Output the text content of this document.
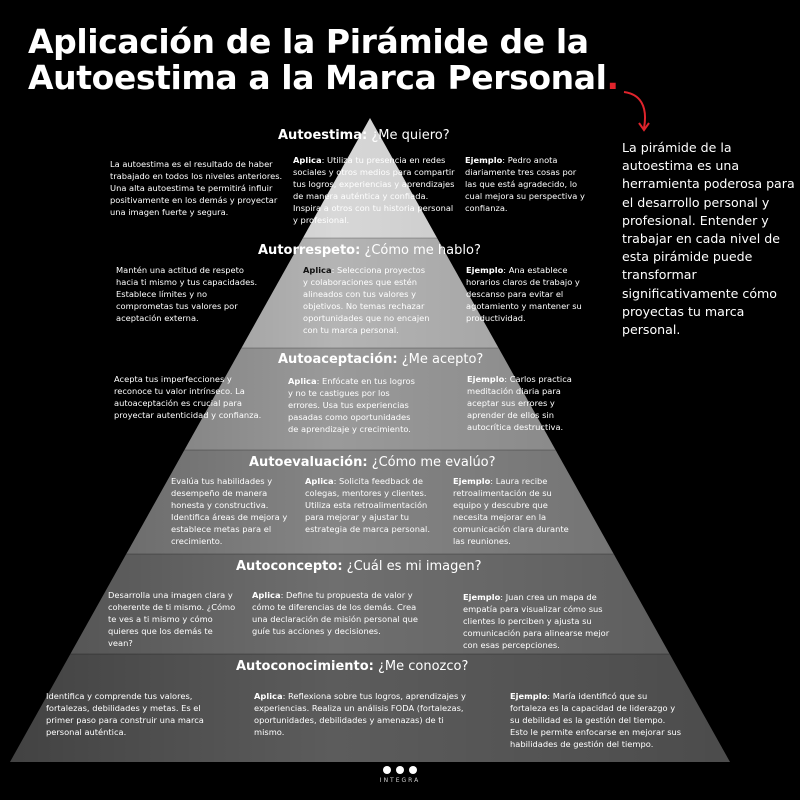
Aplicación de la Pirámide de la
Autoestima a la Marca Personal.

La pirámide de la autoestima es una herramienta poderosa para el desarrollo personal y profesional. Entender y trabajar en cada nivel de esta pirámide puede transformar significativamente cómo proyectas tu marca personal.

Autoestima: ¿Me quiero?

La autoestima es el resultado de haber trabajado en todos los niveles anteriores.
Una alta autoestima te permitirá influir positivamente en los demás y proyectar una imagen fuerte y segura.

Aplica: Utiliza tu presencia en redes sociales y otros medios para compartir tus logros, experiencias y aprendizajes de manera auténtica y confiada. Inspira a otros con tu historia personal y profesional.

Ejemplo: Pedro anota diariamente tres cosas por las que está agradecido, lo cual mejora su perspectiva y confianza.

Autorrespeto: ¿Cómo me hablo?

Mantén una actitud de respeto hacia ti mismo y tus capacidades. Establece límites y no comprometas tus valores por aceptación externa.

Aplica: Selecciona proyectos y colaboraciones que estén alineados con tus valores y objetivos. No temas rechazar oportunidades que no encajen con tu marca personal.

Ejemplo: Ana establece horarios claros de trabajo y descanso para evitar el agotamiento y mantener su productividad.

Autoaceptación: ¿Me acepto?

Acepta tus imperfecciones y reconoce tu valor intrínseco. La autoaceptación es crucial para proyectar autenticidad y confianza.

Aplica: Enfócate en tus logros y no te castigues por los errores. Usa tus experiencias pasadas como oportunidades de aprendizaje y crecimiento.

Ejemplo: Carlos practica meditación diaria para aceptar sus errores y aprender de ellos sin autocrítica destructiva.

Autoevaluación: ¿Cómo me evalúo?

Evalúa tus habilidades y desempeño de manera honesta y constructiva. Identifica áreas de mejora y establece metas para el crecimiento.

Aplica: Solicita feedback de colegas, mentores y clientes. Utiliza esta retroalimentación para mejorar y ajustar tu estrategia de marca personal.

Ejemplo: Laura recibe retroalimentación de su equipo y descubre que necesita mejorar en la comunicación clara durante las reuniones.

Autoconcepto: ¿Cuál es mi imagen?

Desarrolla una imagen clara y coherente de ti mismo. ¿Cómo te ves a ti mismo y cómo quieres que los demás te vean?

Aplica: Define tu propuesta de valor y cómo te diferencias de los demás. Crea una declaración de misión personal que guíe tus acciones y decisiones.

Ejemplo: Juan crea un mapa de empatía para visualizar cómo sus clientes lo perciben y ajusta su comunicación para alinearse mejor con esas percepciones.

Autoconocimiento: ¿Me conozco?

Identifica y comprende tus valores, fortalezas, debilidades y metas. Es el primer paso para construir una marca personal auténtica.

Aplica: Reflexiona sobre tus logros, aprendizajes y experiencias. Realiza un análisis FODA (fortalezas, oportunidades, debilidades y amenazas) de ti mismo.

Ejemplo: María identificó que su fortaleza es la capacidad de liderazgo y su debilidad es la gestión del tiempo. Esto le permite enfocarse en mejorar sus habilidades de gestión del tiempo.

INTEGRA
